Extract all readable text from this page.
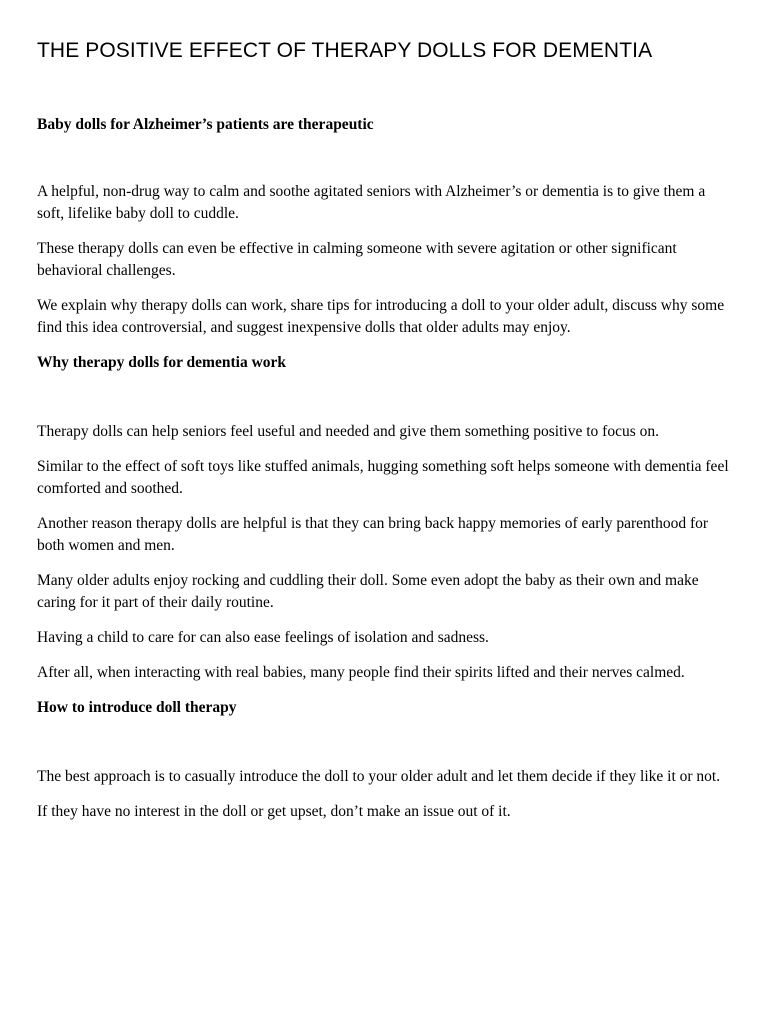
THE POSITIVE EFFECT OF THERAPY DOLLS FOR DEMENTIA
Baby dolls for Alzheimer’s patients are therapeutic

A helpful, non-drug way to calm and soothe agitated seniors with Alzheimer’s or dementia is to give them a soft, lifelike baby doll to cuddle.

These therapy dolls can even be effective in calming someone with severe agitation or other significant behavioral challenges.

We explain why therapy dolls can work, share tips for introducing a doll to your older adult, discuss why some find this idea controversial, and suggest inexpensive dolls that older adults may enjoy.

Why therapy dolls for dementia work

Therapy dolls can help seniors feel useful and needed and give them something positive to focus on.

Similar to the effect of soft toys like stuffed animals, hugging something soft helps someone with dementia feel comforted and soothed.

Another reason therapy dolls are helpful is that they can bring back happy memories of early parenthood for both women and men.

Many older adults enjoy rocking and cuddling their doll. Some even adopt the baby as their own and make caring for it part of their daily routine.

Having a child to care for can also ease feelings of isolation and sadness.

After all, when interacting with real babies, many people find their spirits lifted and their nerves calmed.

How to introduce doll therapy

The best approach is to casually introduce the doll to your older adult and let them decide if they like it or not.

If they have no interest in the doll or get upset, don’t make an issue out of it.
